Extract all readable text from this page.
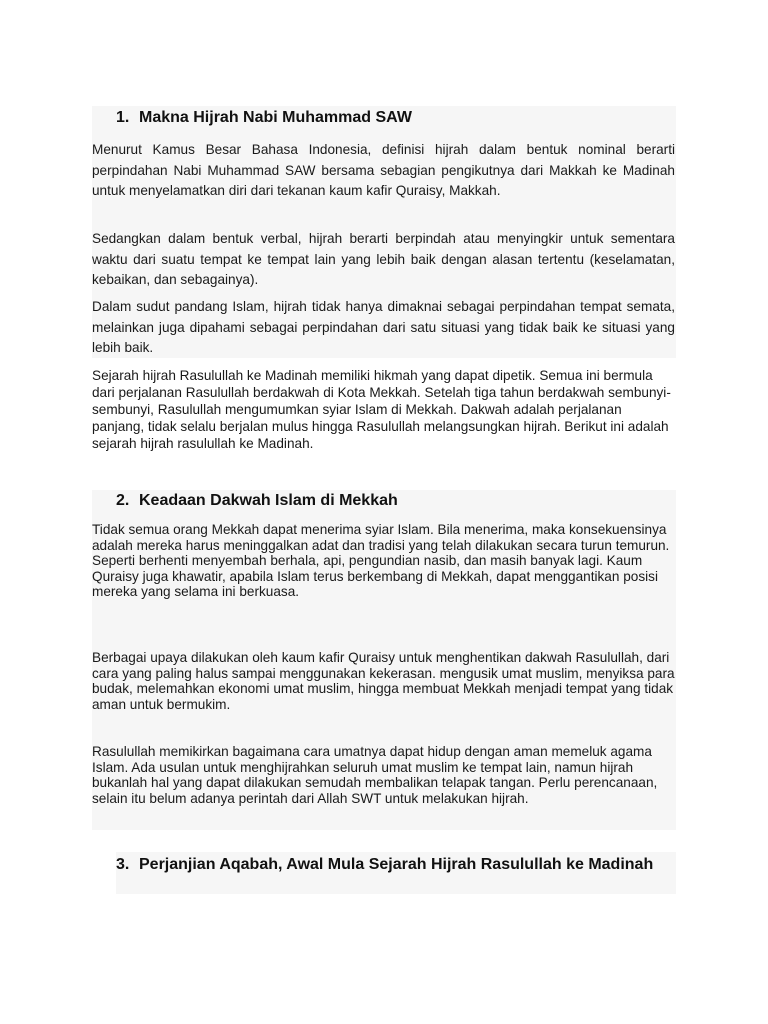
1. Makna Hijrah Nabi Muhammad SAW

Menurut Kamus Besar Bahasa Indonesia, definisi hijrah dalam bentuk nominal berarti perpindahan Nabi Muhammad SAW bersama sebagian pengikutnya dari Makkah ke Madinah untuk menyelamatkan diri dari tekanan kaum kafir Quraisy, Makkah.

Sedangkan dalam bentuk verbal, hijrah berarti berpindah atau menyingkir untuk sementara waktu dari suatu tempat ke tempat lain yang lebih baik dengan alasan tertentu (keselamatan, kebaikan, dan sebagainya).

Dalam sudut pandang Islam, hijrah tidak hanya dimaknai sebagai perpindahan tempat semata, melainkan juga dipahami sebagai perpindahan dari satu situasi yang tidak baik ke situasi yang lebih baik.

Sejarah hijrah Rasulullah ke Madinah memiliki hikmah yang dapat dipetik. Semua ini bermula dari perjalanan Rasulullah berdakwah di Kota Mekkah. Setelah tiga tahun berdakwah sembunyi-sembunyi, Rasulullah mengumumkan syiar Islam di Mekkah. Dakwah adalah perjalanan panjang, tidak selalu berjalan mulus hingga Rasulullah melangsungkan hijrah. Berikut ini adalah sejarah hijrah rasulullah ke Madinah.

2. Keadaan Dakwah Islam di Mekkah

Tidak semua orang Mekkah dapat menerima syiar Islam. Bila menerima, maka konsekuensinya adalah mereka harus meninggalkan adat dan tradisi yang telah dilakukan secara turun temurun. Seperti berhenti menyembah berhala, api, pengundian nasib, dan masih banyak lagi. Kaum Quraisy juga khawatir, apabila Islam terus berkembang di Mekkah, dapat menggantikan posisi mereka yang selama ini berkuasa.

Berbagai upaya dilakukan oleh kaum kafir Quraisy untuk menghentikan dakwah Rasulullah, dari cara yang paling halus sampai menggunakan kekerasan. mengusik umat muslim, menyiksa para budak, melemahkan ekonomi umat muslim, hingga membuat Mekkah menjadi tempat yang tidak aman untuk bermukim.

Rasulullah memikirkan bagaimana cara umatnya dapat hidup dengan aman memeluk agama Islam. Ada usulan untuk menghijrahkan seluruh umat muslim ke tempat lain, namun hijrah bukanlah hal yang dapat dilakukan semudah membalikan telapak tangan. Perlu perencanaan, selain itu belum adanya perintah dari Allah SWT untuk melakukan hijrah.

3. Perjanjian Aqabah, Awal Mula Sejarah Hijrah Rasulullah ke Madinah
